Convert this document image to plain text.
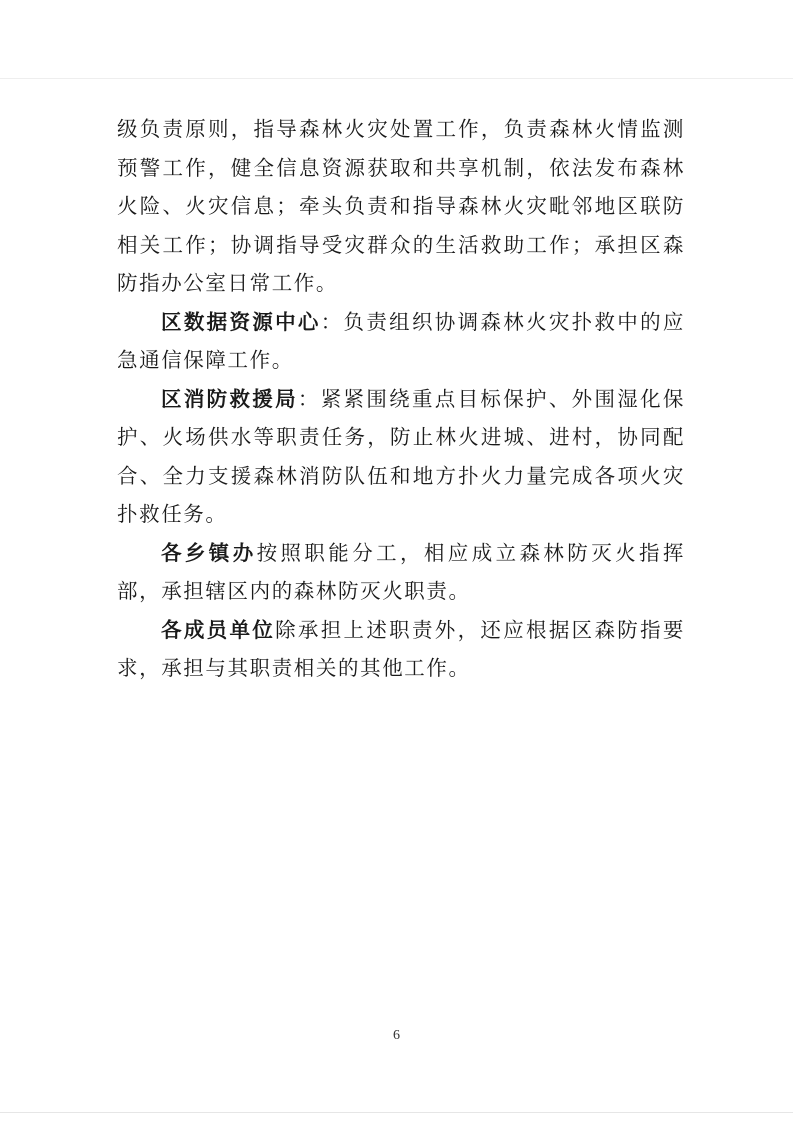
级负责原则，指导森林火灾处置工作，负责森林火情监测预警工作，健全信息资源获取和共享机制，依法发布森林火险、火灾信息；牵头负责和指导森林火灾毗邻地区联防相关工作；协调指导受灾群众的生活救助工作；承担区森防指办公室日常工作。

区数据资源中心：负责组织协调森林火灾扑救中的应急通信保障工作。

区消防救援局：紧紧围绕重点目标保护、外围湿化保护、火场供水等职责任务，防止林火进城、进村，协同配合、全力支援森林消防队伍和地方扑火力量完成各项火灾扑救任务。

各乡镇办按照职能分工，相应成立森林防灭火指挥部，承担辖区内的森林防灭火职责。

各成员单位除承担上述职责外，还应根据区森防指要求，承担与其职责相关的其他工作。

6
